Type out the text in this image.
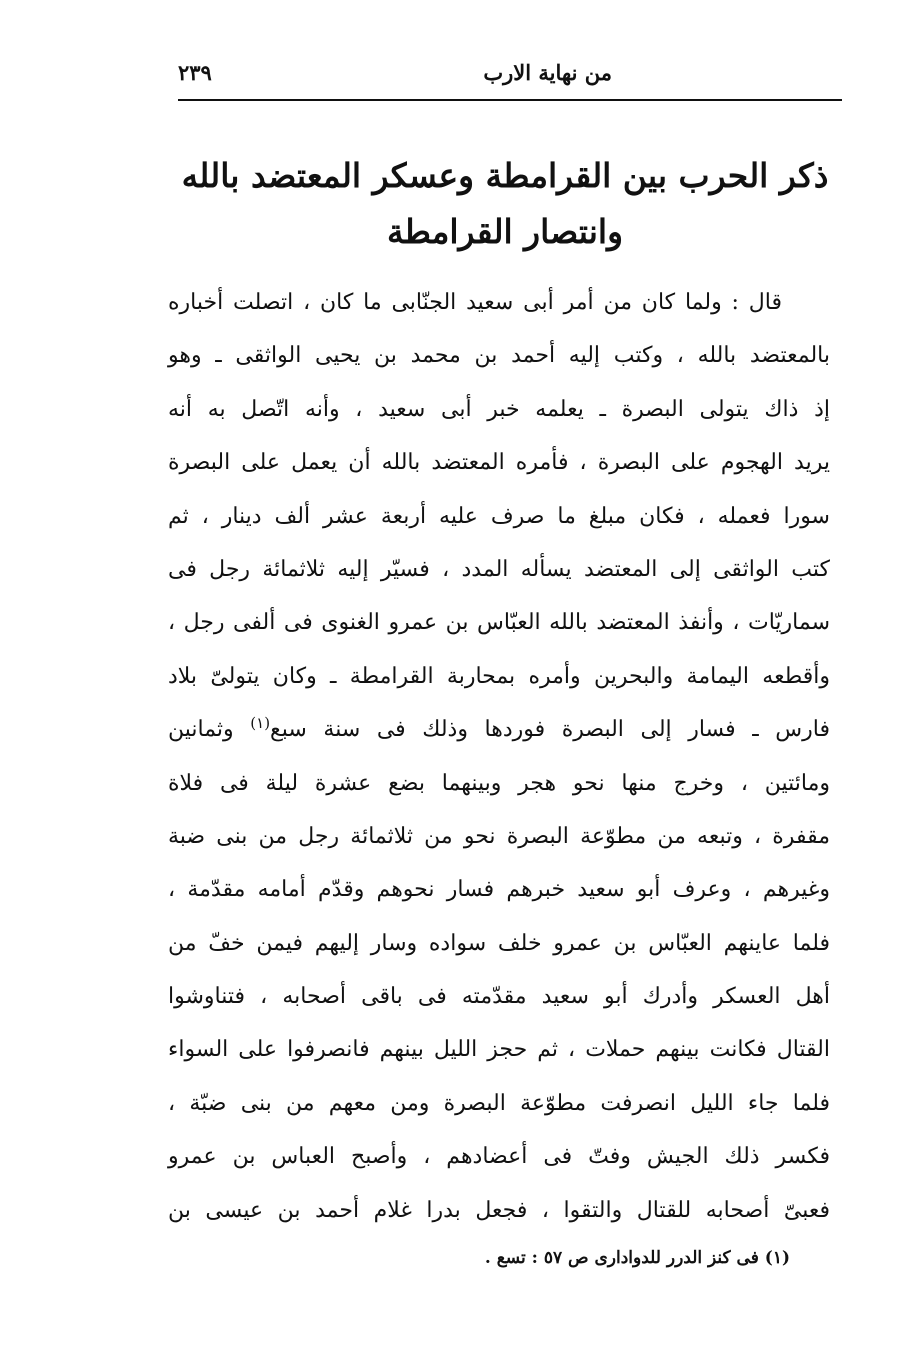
من نهاية الارب
٢٣٩
ذكر الحرب بين القرامطة وعسكر المعتضد بالله
وانتصار القرامطة
قال : ولما كان من أمر أبى سعيد الجنّابى ما كان ، اتصلت أخباره
بالمعتضد بالله ، وكتب إليه أحمد بن محمد بن يحيى الواثقى ـ وهو
إذ ذاك يتولى البصرة ـ يعلمه خبر أبى سعيد ، وأنه اتّصل به أنه
يريد الهجوم على البصرة ، فأمره المعتضد بالله أن يعمل على البصرة
سورا فعمله ، فكان مبلغ ما صرف عليه أربعة عشر ألف دينار ، ثم
كتب الواثقى إلى المعتضد يسأله المدد ، فسيّر إليه ثلاثمائة رجل فى
سماريّات ، وأنفذ المعتضد بالله العبّاس بن عمرو الغنوى فى ألفى رجل ،
وأقطعه اليمامة والبحرين وأمره بمحاربة القرامطة ـ وكان يتولىّ بلاد
فارس ـ فسار إلى البصرة فوردها وذلك فى سنة سبع$^{(١)}$ وثمانين
ومائتين ، وخرج منها نحو هجر وبينهما بضع عشرة ليلة فى فلاة
مقفرة ، وتبعه من مطوّعة البصرة نحو من ثلاثمائة رجل من بنى ضبة
وغيرهم ، وعرف أبو سعيد خبرهم فسار نحوهم وقدّم أمامه مقدّمة ،
فلما عاينهم العبّاس بن عمرو خلف سواده وسار إليهم فيمن خفّ من
أهل العسكر وأدرك أبو سعيد مقدّمته فى باقى أصحابه ، فتناوشوا
القتال فكانت بينهم حملات ، ثم حجز الليل بينهم فانصرفوا على السواء
فلما جاء الليل انصرفت مطوّعة البصرة ومن معهم من بنى ضبّة ،
فكسر ذلك الجيش وفتّ فى أعضادهم ، وأصبح العباس بن عمرو
فعبىّ أصحابه للقتال والتقوا ، فجعل بدرا غلام أحمد بن عيسى بن
(١) فى كنز الدرر للدوادارى ص ٥٧ : تسع .
